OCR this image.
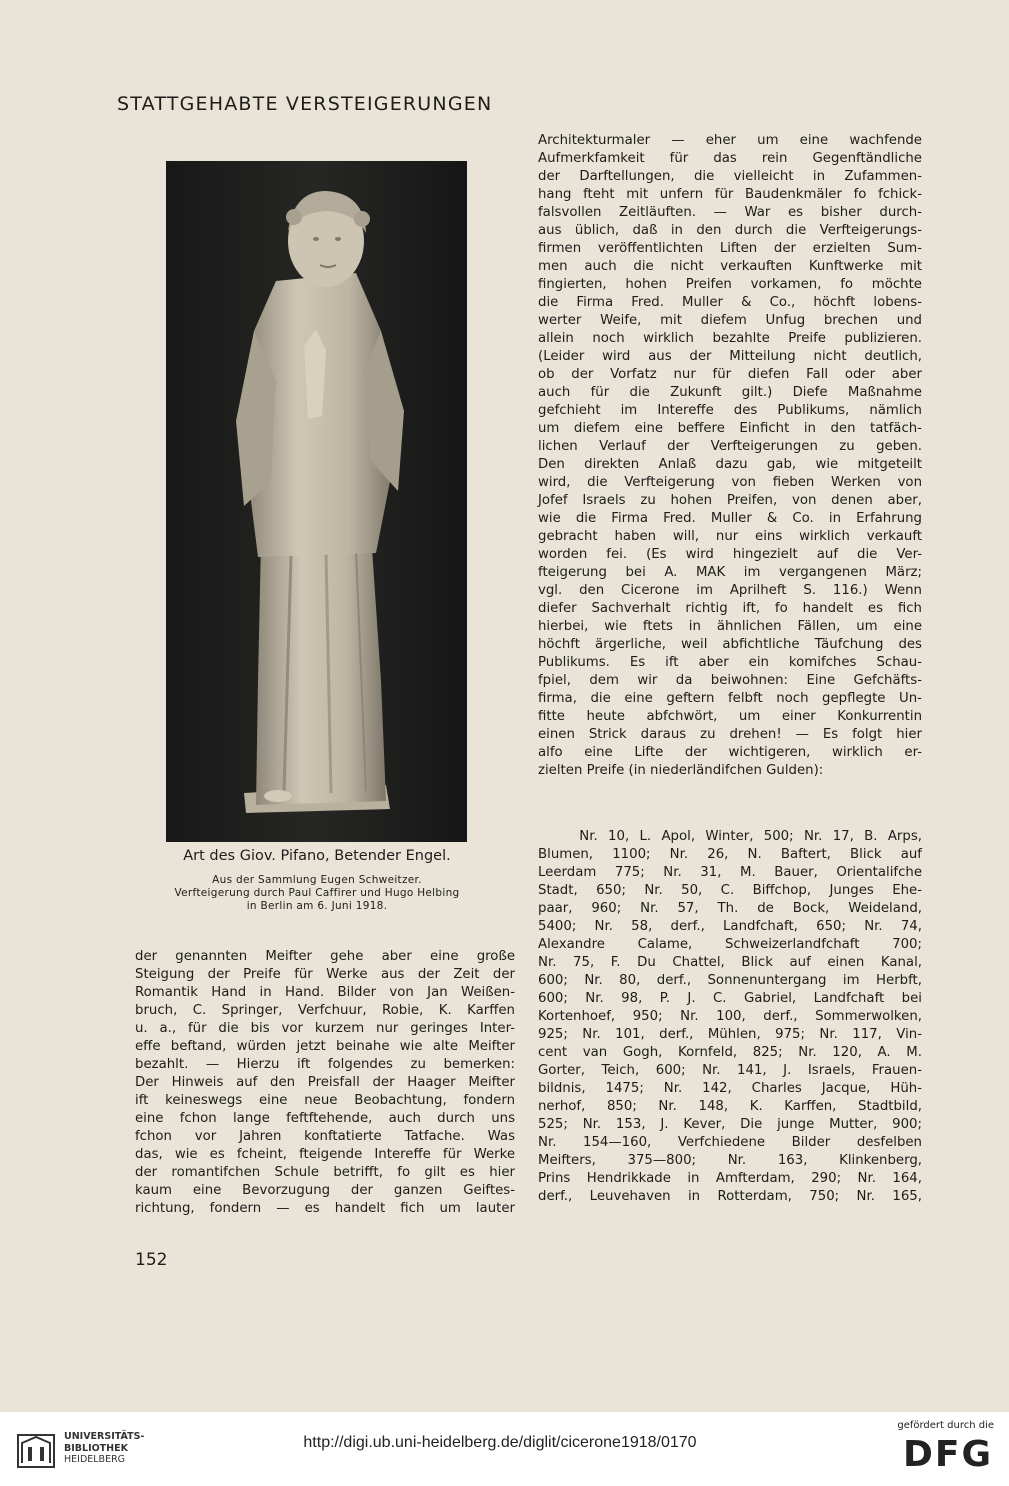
STATTGEHABTE VERSTEIGERUNGEN
Art des Giov. Pifano, Betender Engel.
Aus der Sammlung Eugen Schweitzer.
Verfteigerung durch Paul Caffirer und Hugo Helbing
in Berlin am 6. Juni 1918.
der genannten Meifter gehe aber eine große
Steigung der Preife für Werke aus der Zeit der
Romantik Hand in Hand. Bilder von Jan Weißen-
bruch, C. Springer, Verfchuur, Robie, K. Karffen
u. a., für die bis vor kurzem nur geringes Inter-
effe beftand, würden jetzt beinahe wie alte Meifter
bezahlt. — Hierzu ift folgendes zu bemerken:
Der Hinweis auf den Preisfall der Haager Meifter
ift keineswegs eine neue Beobachtung, fondern
eine fchon lange feftftehende, auch durch uns
fchon vor Jahren konftatierte Tatfache. Was
das, wie es fcheint, fteigende Intereffe für Werke
der romantifchen Schule betrifft, fo gilt es hier
kaum eine Bevorzugung der ganzen Geiftes-
richtung, fondern — es handelt fich um lauter
Architekturmaler — eher um eine wachfende
Aufmerkfamkeit für das rein Gegenftändliche
der Darftellungen, die vielleicht in Zufammen-
hang fteht mit unfern für Baudenkmäler fo fchick-
falsvollen Zeitläuften. — War es bisher durch-
aus üblich, daß in den durch die Verfteigerungs-
firmen veröffentlichten Liften der erzielten Sum-
men auch die nicht verkauften Kunftwerke mit
fingierten, hohen Preifen vorkamen, fo möchte
die Firma Fred. Muller & Co., höchft lobens-
werter Weife, mit diefem Unfug brechen und
allein noch wirklich bezahlte Preife publizieren.
(Leider wird aus der Mitteilung nicht deutlich,
ob der Vorfatz nur für diefen Fall oder aber
auch für die Zukunft gilt.) Diefe Maßnahme
gefchieht im Intereffe des Publikums, nämlich
um diefem eine beffere Einficht in den tatfäch-
lichen Verlauf der Verfteigerungen zu geben.
Den direkten Anlaß dazu gab, wie mitgeteilt
wird, die Verfteigerung von fieben Werken von
Jofef Israels zu hohen Preifen, von denen aber,
wie die Firma Fred. Muller & Co. in Erfahrung
gebracht haben will, nur eins wirklich verkauft
worden fei. (Es wird hingezielt auf die Ver-
fteigerung bei A. MAK im vergangenen März;
vgl. den Cicerone im Aprilheft S. 116.) Wenn
diefer Sachverhalt richtig ift, fo handelt es fich
hierbei, wie ftets in ähnlichen Fällen, um eine
höchft ärgerliche, weil abfichtliche Täufchung des
Publikums. Es ift aber ein komifches Schau-
fpiel, dem wir da beiwohnen: Eine Gefchäfts-
firma, die eine geftern felbft noch gepflegte Un-
fitte heute abfchwört, um einer Konkurrentin
einen Strick daraus zu drehen! — Es folgt hier
alfo eine Lifte der wichtigeren, wirklich er-
zielten Preife (in niederländifchen Gulden):
Nr. 10, L. Apol, Winter, 500; Nr. 17, B. Arps,
Blumen, 1100; Nr. 26, N. Baftert, Blick auf
Leerdam 775; Nr. 31, M. Bauer, Orientalifche
Stadt, 650; Nr. 50, C. Biffchop, Junges Ehe-
paar, 960; Nr. 57, Th. de Bock, Weideland,
5400; Nr. 58, derf., Landfchaft, 650; Nr. 74,
Alexandre Calame, Schweizerlandfchaft 700;
Nr. 75, F. Du Chattel, Blick auf einen Kanal,
600; Nr. 80, derf., Sonnenuntergang im Herbft,
600; Nr. 98, P. J. C. Gabriel, Landfchaft bei
Kortenhoef, 950; Nr. 100, derf., Sommerwolken,
925; Nr. 101, derf., Mühlen, 975; Nr. 117, Vin-
cent van Gogh, Kornfeld, 825; Nr. 120, A. M.
Gorter, Teich, 600; Nr. 141, J. Israels, Frauen-
bildnis, 1475; Nr. 142, Charles Jacque, Hüh-
nerhof, 850; Nr. 148, K. Karffen, Stadtbild,
525; Nr. 153, J. Kever, Die junge Mutter, 900;
Nr. 154—160, Verfchiedene Bilder desfelben
Meifters, 375—800; Nr. 163, Klinkenberg,
Prins Hendrikkade in Amfterdam, 290; Nr. 164,
derf., Leuvehaven in Rotterdam, 750; Nr. 165,
152
UNIVERSITÄTS-
BIBLIOTHEK
HEIDELBERG
http://digi.ub.uni-heidelberg.de/diglit/cicerone1918/0170
gefördert durch die
DFG
